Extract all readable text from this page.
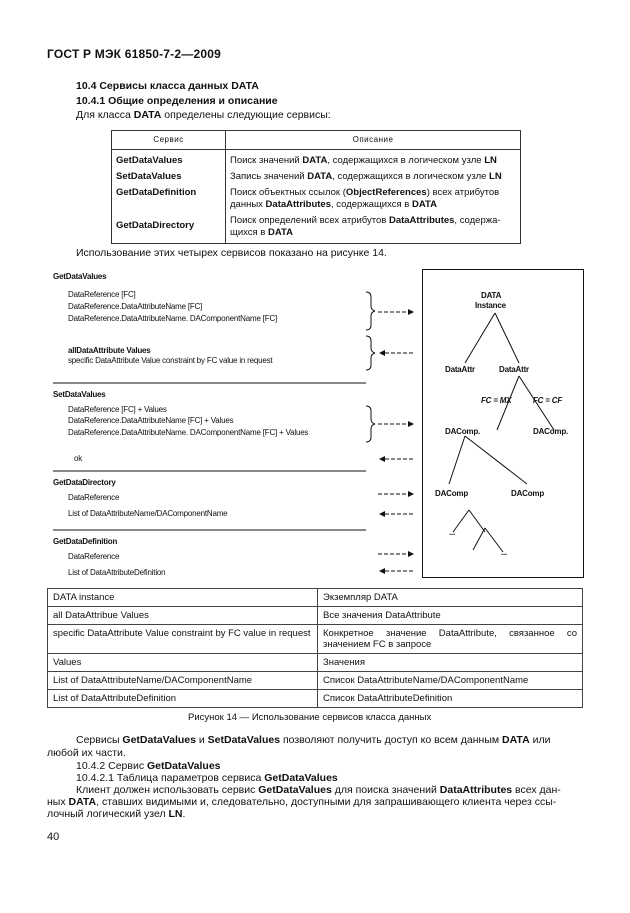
ГОСТ Р МЭК 61850-7-2—2009
10.4 Сервисы класса данных DATA
10.4.1 Общие определения и описание
Для класса DATA определены следующие сервисы:
Сервис	Описание
GetDataValues	Поиск значений DATA, содержащихся в логическом узле LN
SetDataValues	Запись значений DATA, содержащихся в логическом узле LN
GetDataDefinition	Поиск объектных ссылок (ObjectReferences) всех атрибутов
данных DataAttributes, содержащихся в DATA
GetDataDirectory	Поиск определений всех атрибутов DataAttributes, содержа-
щихся в DATA
Использование этих четырех сервисов показано на рисунке 14.
GetDataValues
DataReference [FC]
DataReference.DataAttributeName [FC]
DataReference.DataAttributeName. DAComponentName [FC]
allDataAttribute Values
specific DataAttribute Value constraint by FC value in request
SetDataValues
DataReference [FC] + Values
DataReference.DataAttributeName [FC] + Values
DataReference.DataAttributeName. DAComponentName [FC] + Values
ok
GetDataDirectory
DataReference
List of DataAttributeName/DAComponentName
GetDataDefinition
DataReference
List of DataAttributeDefinition
DATA
Instance
DataAttr	DataAttr
FC = MX	FC = CF
DAComp.	DAComp.
DAComp	DAComp
...
...
DATA instance	Экземпляр DATA
all DataAttribue Values	Все значения DataAttribute
specific DataAttribute Value constraint by FC value in request	Конкретное значение DataAttribute, связанное со значением FC в запросе
Values	Значения
List of DataAttributeName/DAComponentName	Список DataAttributeName/DAComponentName
List of DataAttributeDefinition	Список DataAttributeDefinition
Рисунок 14 — Использование сервисов класса данных
Сервисы GetDataValues и SetDataValues позволяют получить доступ ко всем данным DATA или
любой их части.
10.4.2 Сервис GetDataValues
10.4.2.1 Таблица параметров сервиса GetDataValues
Клиент должен использовать сервис GetDataValues для поиска значений DataAttributes всех дан-
ных DATA, ставших видимыми и, следовательно, доступными для запрашивающего клиента через ссы-
лочный логический узел LN.
40
